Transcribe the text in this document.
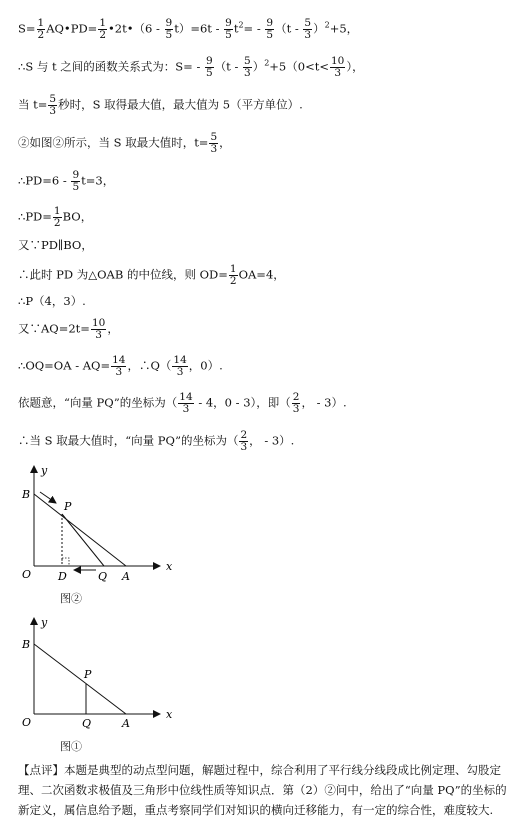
$S= \frac{1}{2}$ AQ•PD= $\frac{1}{2}$ •2t•（6 - $\frac{9}{5} t)=6t - \frac{9}{5} t^2= - \frac{9}{5} (t - \frac{5}{3} )^2+5$，
∴S 与 t 之间的函数关系式为：$S= - \frac{9}{5} (t - \frac{5}{3} )^2+5(0<t< \frac{10}{3}$ ），
当 $t= \frac{5}{3}$ 秒时，S 取得最大值，最大值为 5（平方单位）.
②如图②所示，当 S 取最大值时，$t= \frac{5}{3}$ ，
∴PD=6 - $\frac{9}{5} t=3$，
∴PD= $\frac{1}{2}$ BO，
又∵PD∥BO，
∴此时 PD 为△OAB 的中位线，则 $OD= \frac{1}{2} OA=4$，
∴P（4，3）.
又∵AQ=2t= $\frac{10}{3}$ ，
∴OQ=OA - $AQ= \frac{14}{3}$ ，∴Q（ $\frac{14}{3}$ ，0）.
依题意，“向量 PQ”的坐标为（ $\frac{14}{3} - 4$，0 - 3），即（ $\frac{2}{3}$ ， - 3）.
∴当 S 取最大值时，“向量 PQ”的坐标为（ $\frac{2}{3}$ ， - 3）.
y
x
B
P
O D	Q A
图②
y
x
B
P
O	Q	A
图①
【点评】本题是典型的动点型问题，解题过程中，综合利用了平行线分线段成比例定理、勾股定理、二次函数求极值及三角形中位线性质等知识点．第（2）②问中，给出了“向量 PQ”的坐标的新定义，属信息给予题，重点考察同学们对知识的横向迁移能力，有一定的综合性，难度较大.
